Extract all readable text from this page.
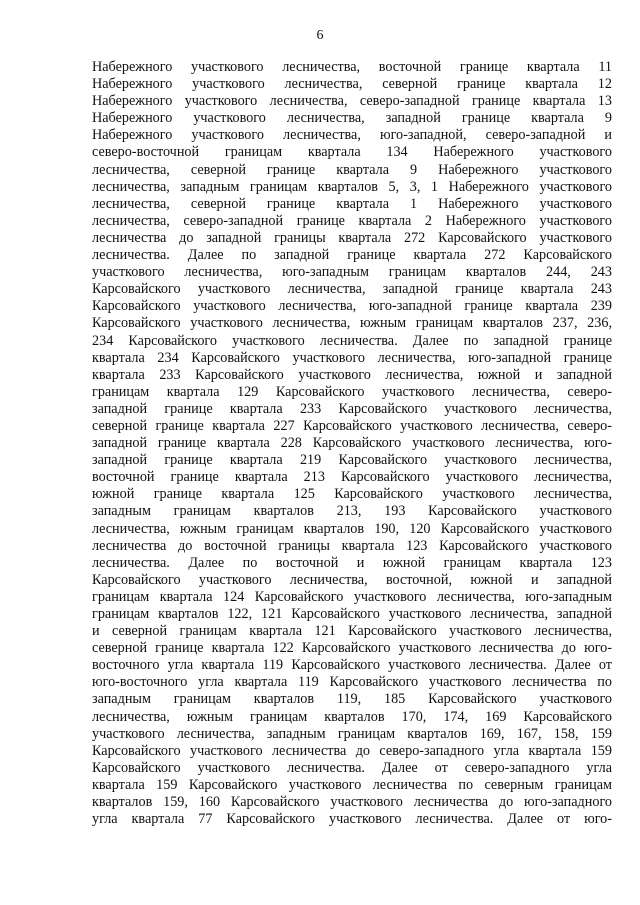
6
Набережного участкового лесничества, восточной границе квартала 11
Набережного участкового лесничества, северной границе квартала 12
Набережного участкового лесничества, северо-западной границе квартала 13
Набережного участкового лесничества, западной границе квартала 9
Набережного участкового лесничества, юго-западной, северо-западной и
северо-восточной границам квартала 134 Набережного участкового
лесничества, северной границе квартала 9 Набережного участкового
лесничества, западным границам кварталов 5, 3, 1 Набережного участкового
лесничества, северной границе квартала 1 Набережного участкового
лесничества, северо-западной границе квартала 2 Набережного участкового
лесничества до западной границы квартала 272 Карсовайского участкового
лесничества. Далее по западной границе квартала 272 Карсовайского
участкового лесничества, юго-западным границам кварталов 244, 243
Карсовайского участкового лесничества, западной границе квартала 243
Карсовайского участкового лесничества, юго-западной границе квартала 239
Карсовайского участкового лесничества, южным границам кварталов 237, 236,
234 Карсовайского участкового лесничества. Далее по западной границе
квартала 234 Карсовайского участкового лесничества, юго-западной границе
квартала 233 Карсовайского участкового лесничества, южной и западной
границам квартала 129 Карсовайского участкового лесничества, северо-
западной границе квартала 233 Карсовайского участкового лесничества,
северной границе квартала 227 Карсовайского участкового лесничества, северо-
западной границе квартала 228 Карсовайского участкового лесничества, юго-
западной границе квартала 219 Карсовайского участкового лесничества,
восточной границе квартала 213 Карсовайского участкового лесничества,
южной границе квартала 125 Карсовайского участкового лесничества,
западным границам кварталов 213, 193 Карсовайского участкового
лесничества, южным границам кварталов 190, 120 Карсовайского участкового
лесничества до восточной границы квартала 123 Карсовайского участкового
лесничества. Далее по восточной и южной границам квартала 123
Карсовайского участкового лесничества, восточной, южной и западной
границам квартала 124 Карсовайского участкового лесничества, юго-западным
границам кварталов 122, 121 Карсовайского участкового лесничества, западной
и северной границам квартала 121 Карсовайского участкового лесничества,
северной границе квартала 122 Карсовайского участкового лесничества до юго-
восточного угла квартала 119 Карсовайского участкового лесничества. Далее от
юго-восточного угла квартала 119 Карсовайского участкового лесничества по
западным границам кварталов 119, 185 Карсовайского участкового
лесничества, южным границам кварталов 170, 174, 169 Карсовайского
участкового лесничества, западным границам кварталов 169, 167, 158, 159
Карсовайского участкового лесничества до северо-западного угла квартала 159
Карсовайского участкового лесничества. Далее от северо-западного угла
квартала 159 Карсовайского участкового лесничества по северным границам
кварталов 159, 160 Карсовайского участкового лесничества до юго-западного
угла квартала 77 Карсовайского участкового лесничества. Далее от юго-
